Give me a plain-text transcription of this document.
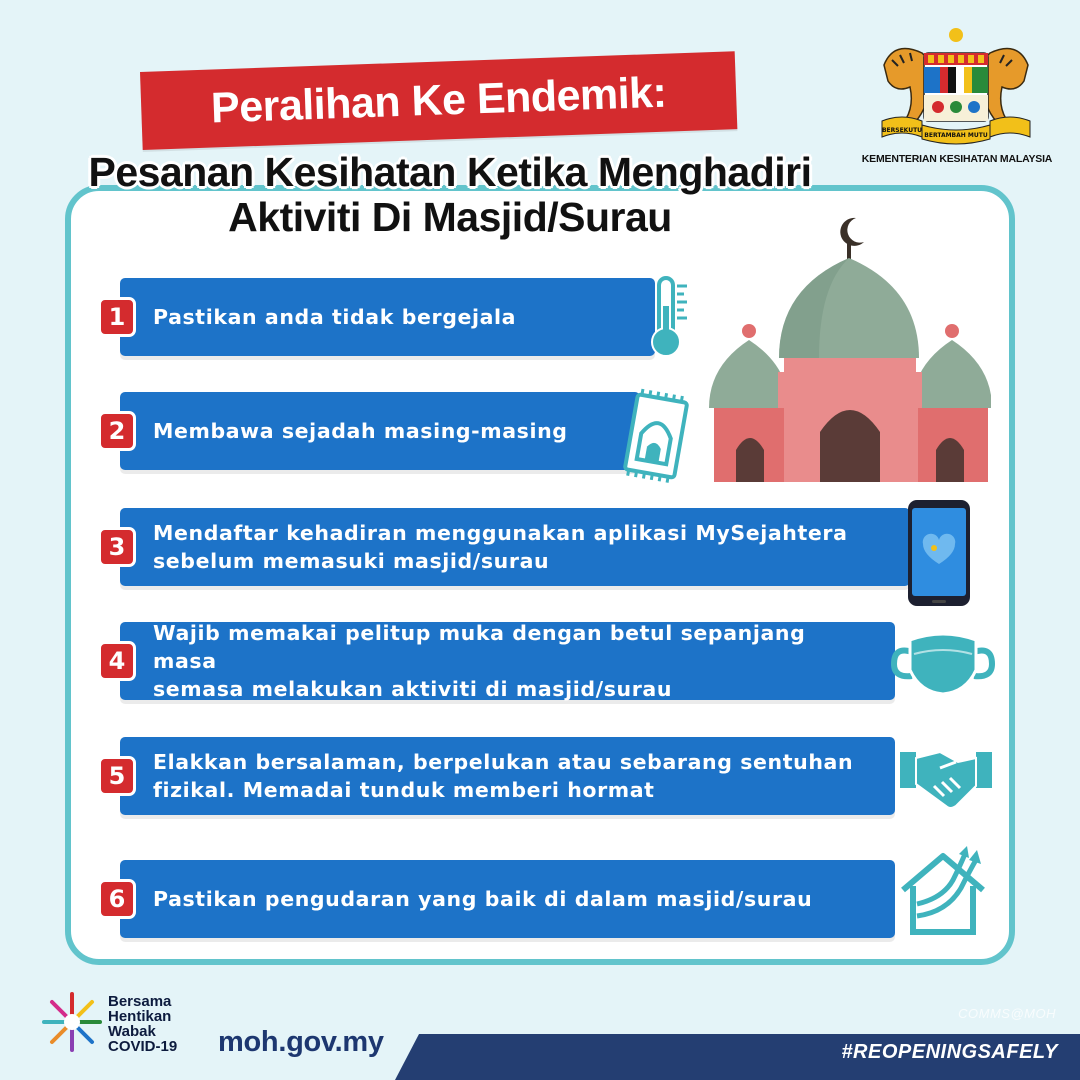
BERSEKUTU
BERTAMBAH MUTU
KEMENTERIAN KESIHATAN MALAYSIA
Peralihan Ke Endemik:
Pesanan Kesihatan Ketika Menghadiri
Aktiviti Di Masjid/Surau
1	Pastikan anda tidak bergejala
2	Membawa sejadah masing-masing
3	Mendaftar kehadiran menggunakan aplikasi MySejahtera
sebelum memasuki masjid/surau
4
Wajib memakai pelitup muka dengan betul sepanjang masa
semasa melakukan aktiviti di masjid/surau
5	Elakkan bersalaman, berpelukan atau sebarang sentuhan
fizikal. Memadai tunduk memberi hormat
6	Pastikan pengudaran yang baik di dalam masjid/surau
Bersama
Hentikan
Wabak
COVID-19 moh.gov.my
COMMS@MOH
#REOPENINGSAFELY
